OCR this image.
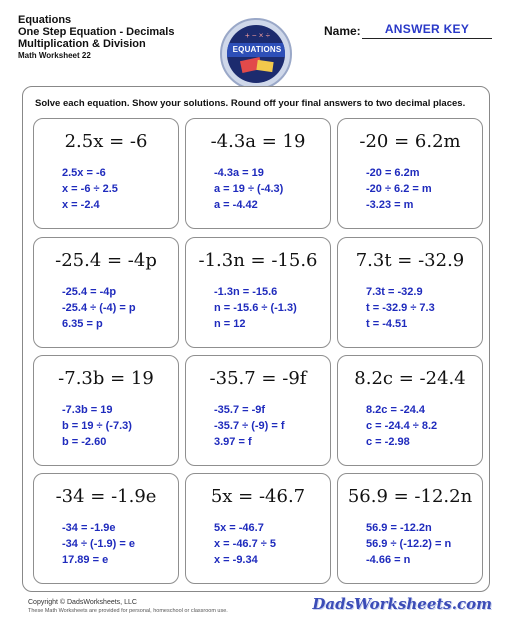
Equations
One Step Equation - Decimals
Multiplication & Division
Math Worksheet 22
+ − × ÷
EQUATIONS
Name:	ANSWER KEY
Solve each equation. Show your solutions. Round off your final answers to two decimal places.
2.5x = -6
2.5x = -6
x = -6 ÷ 2.5
x = -2.4
-4.3a = 19
-4.3a = 19
a = 19 ÷ (-4.3)
a = -4.42
-20 = 6.2m
-20 = 6.2m
-20 ÷ 6.2 = m
-3.23 = m
-25.4 = -4p
-25.4 = -4p
-25.4 ÷ (-4) = p
6.35 = p
-1.3n = -15.6
-1.3n = -15.6
n = -15.6 ÷ (-1.3)
n = 12
7.3t = -32.9
7.3t = -32.9
t = -32.9 ÷ 7.3
t = -4.51
-7.3b = 19
-7.3b = 19
b = 19 ÷ (-7.3)
b = -2.60
-35.7 = -9f
-35.7 = -9f
-35.7 ÷ (-9) = f
3.97 = f
8.2c = -24.4
8.2c = -24.4
c = -24.4 ÷ 8.2
c = -2.98
-34 = -1.9e
-34 = -1.9e
-34 ÷ (-1.9) = e
17.89 = e
5x = -46.7
5x = -46.7
x = -46.7 ÷ 5
x = -9.34
56.9 = -12.2n
56.9 = -12.2n
56.9 ÷ (-12.2) = n
-4.66 = n
Copyright © DadsWorksheets, LLC
These Math Worksheets are provided for personal, homeschool or classroom use.	DadsWorksheets.com
